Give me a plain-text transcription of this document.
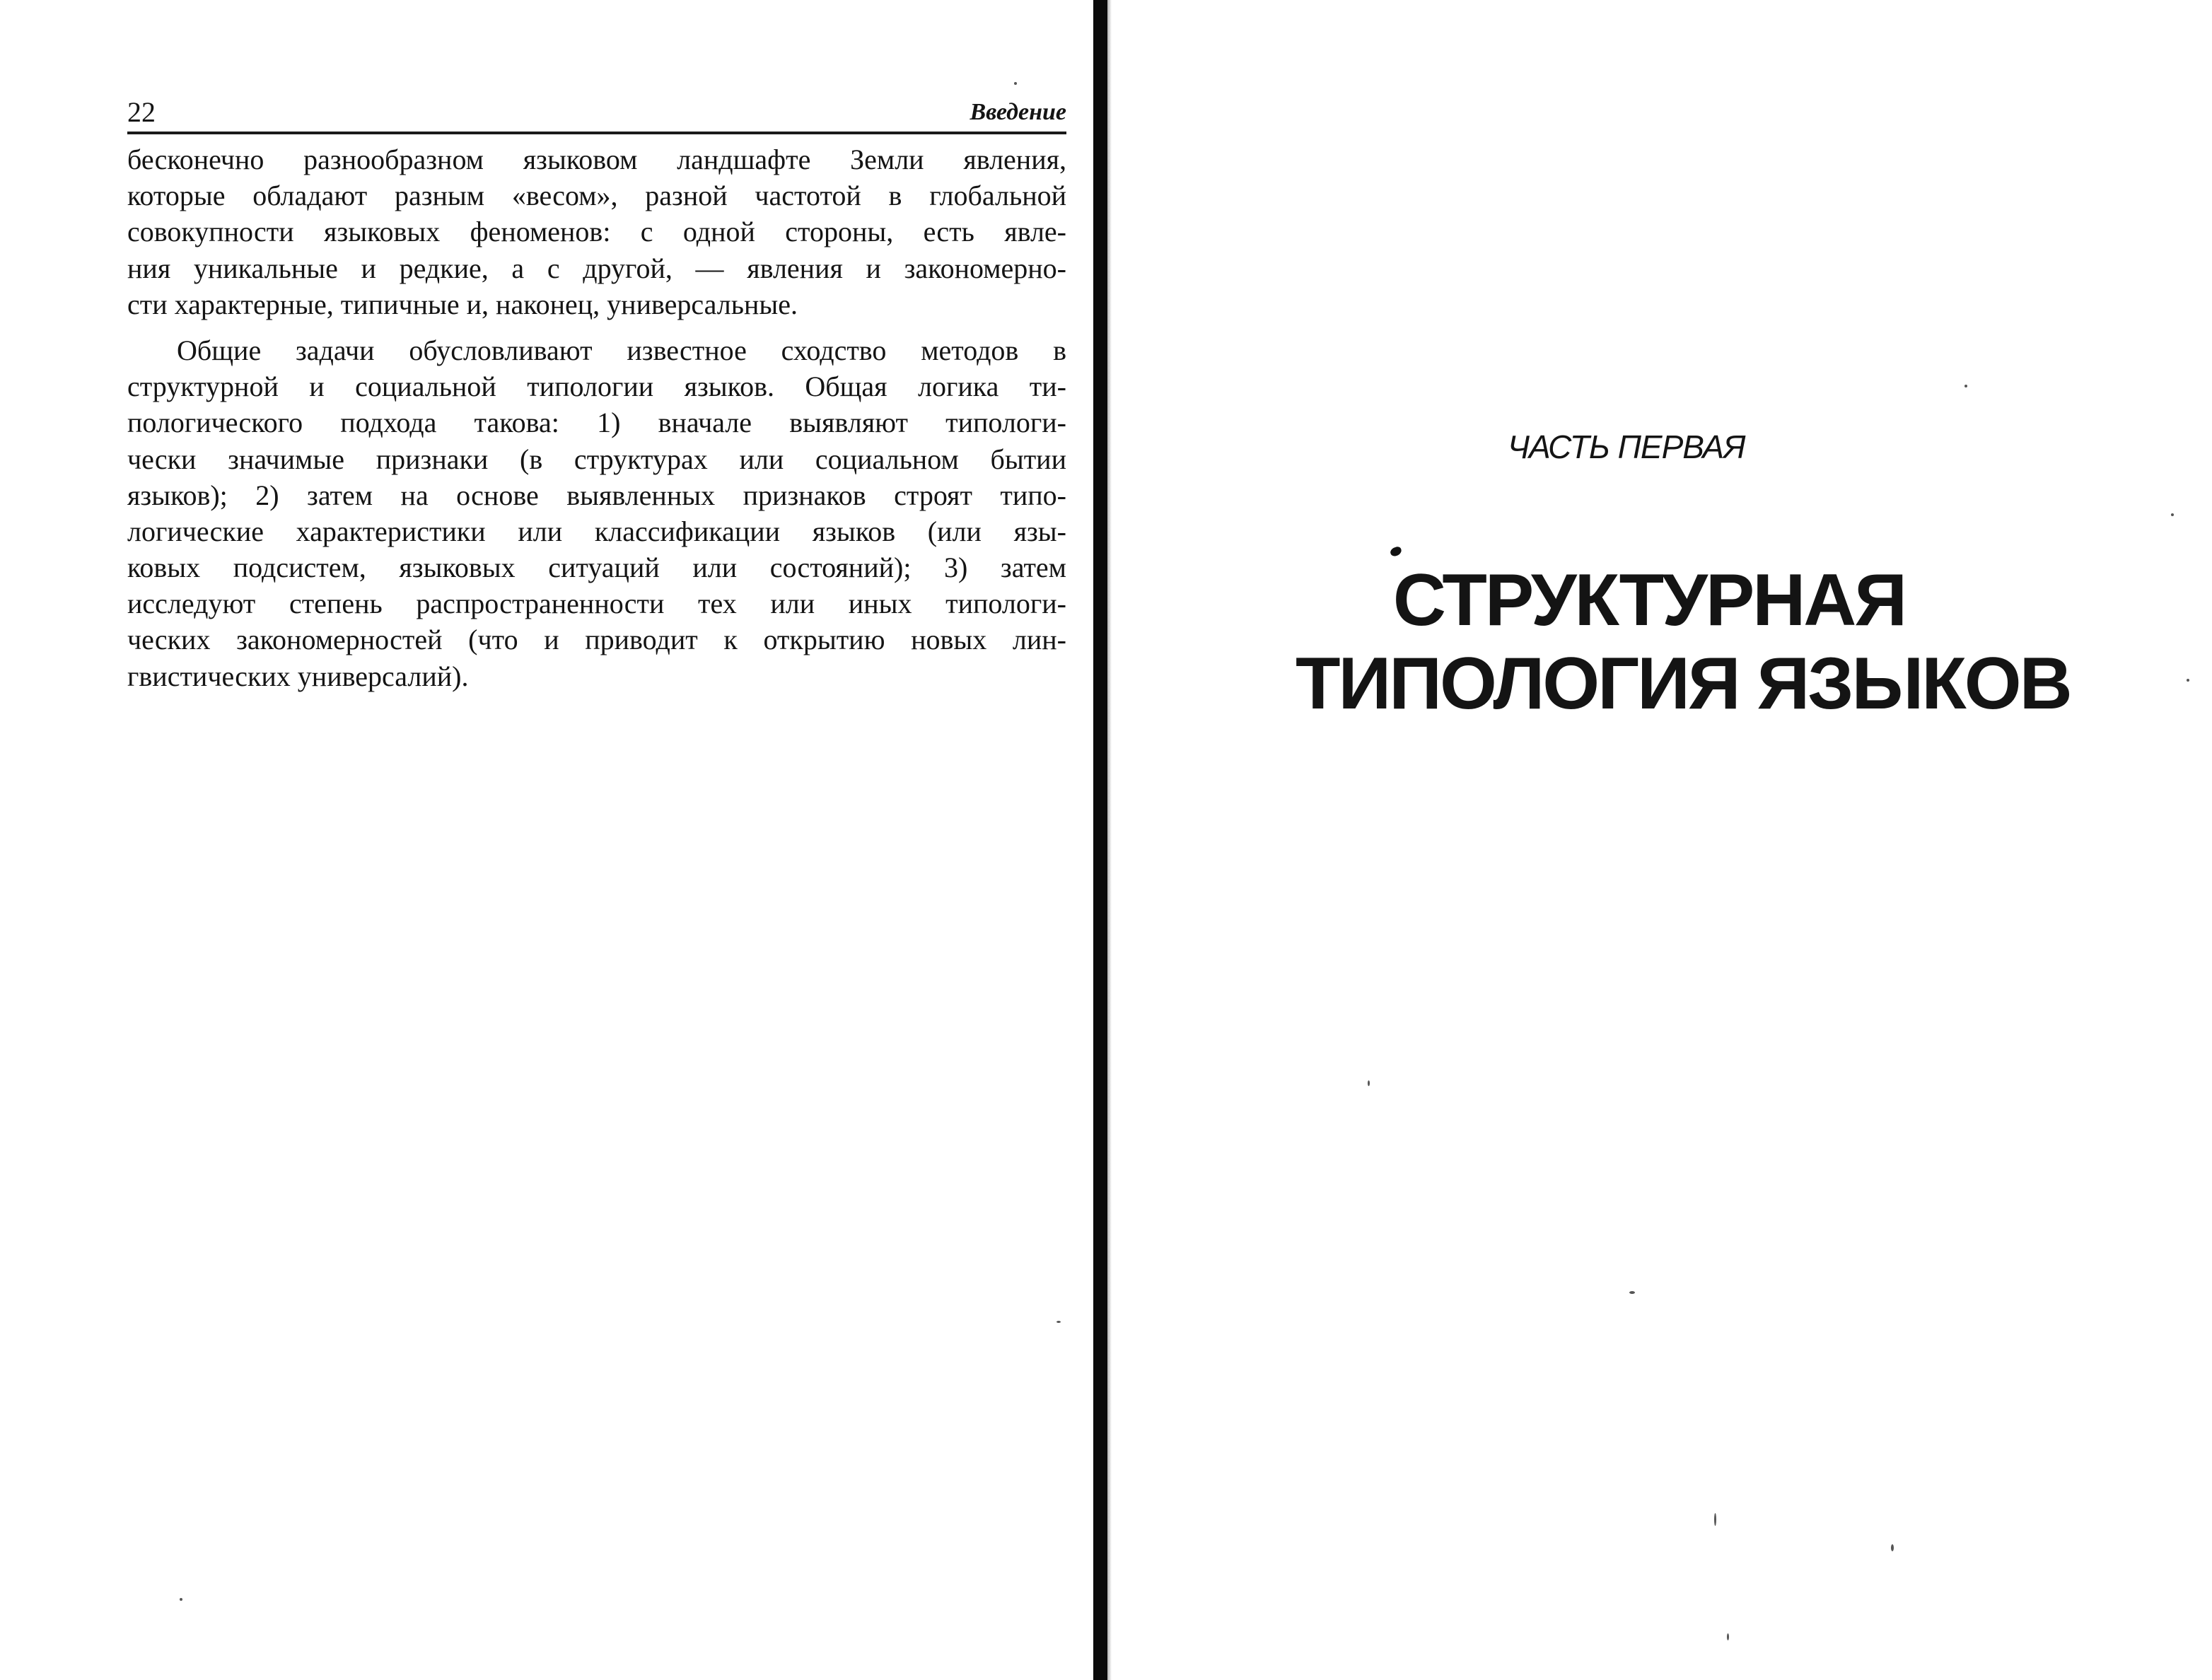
22	Введение
бесконечно разнообразном языковом ландшафте Земли явления,
которые обладают разным «весом», разной частотой в глобальной
совокупности языковых феноменов: с одной стороны, есть явле-
ния уникальные и редкие, а с другой, — явления и закономерно-
сти характерные, типичные и, наконец, универсальные.
Общие задачи обусловливают известное сходство методов в
структурной и социальной типологии языков. Общая логика ти-
пологического подхода такова: 1) вначале выявляют типологи-
чески значимые признаки (в структурах или социальном бытии
языков); 2) затем на основе выявленных признаков строят типо-
логические характеристики или классификации языков (или язы-
ковых подсистем, языковых ситуаций или состояний); 3) затем
исследуют степень распространенности тех или иных типологи-
ческих закономерностей (что и приводит к открытию новых лин-
гвистических универсалий).
ЧАСТЬ ПЕРВАЯ
СТРУКТУРНАЯ
ТИПОЛОГИЯ ЯЗЫКОВ
